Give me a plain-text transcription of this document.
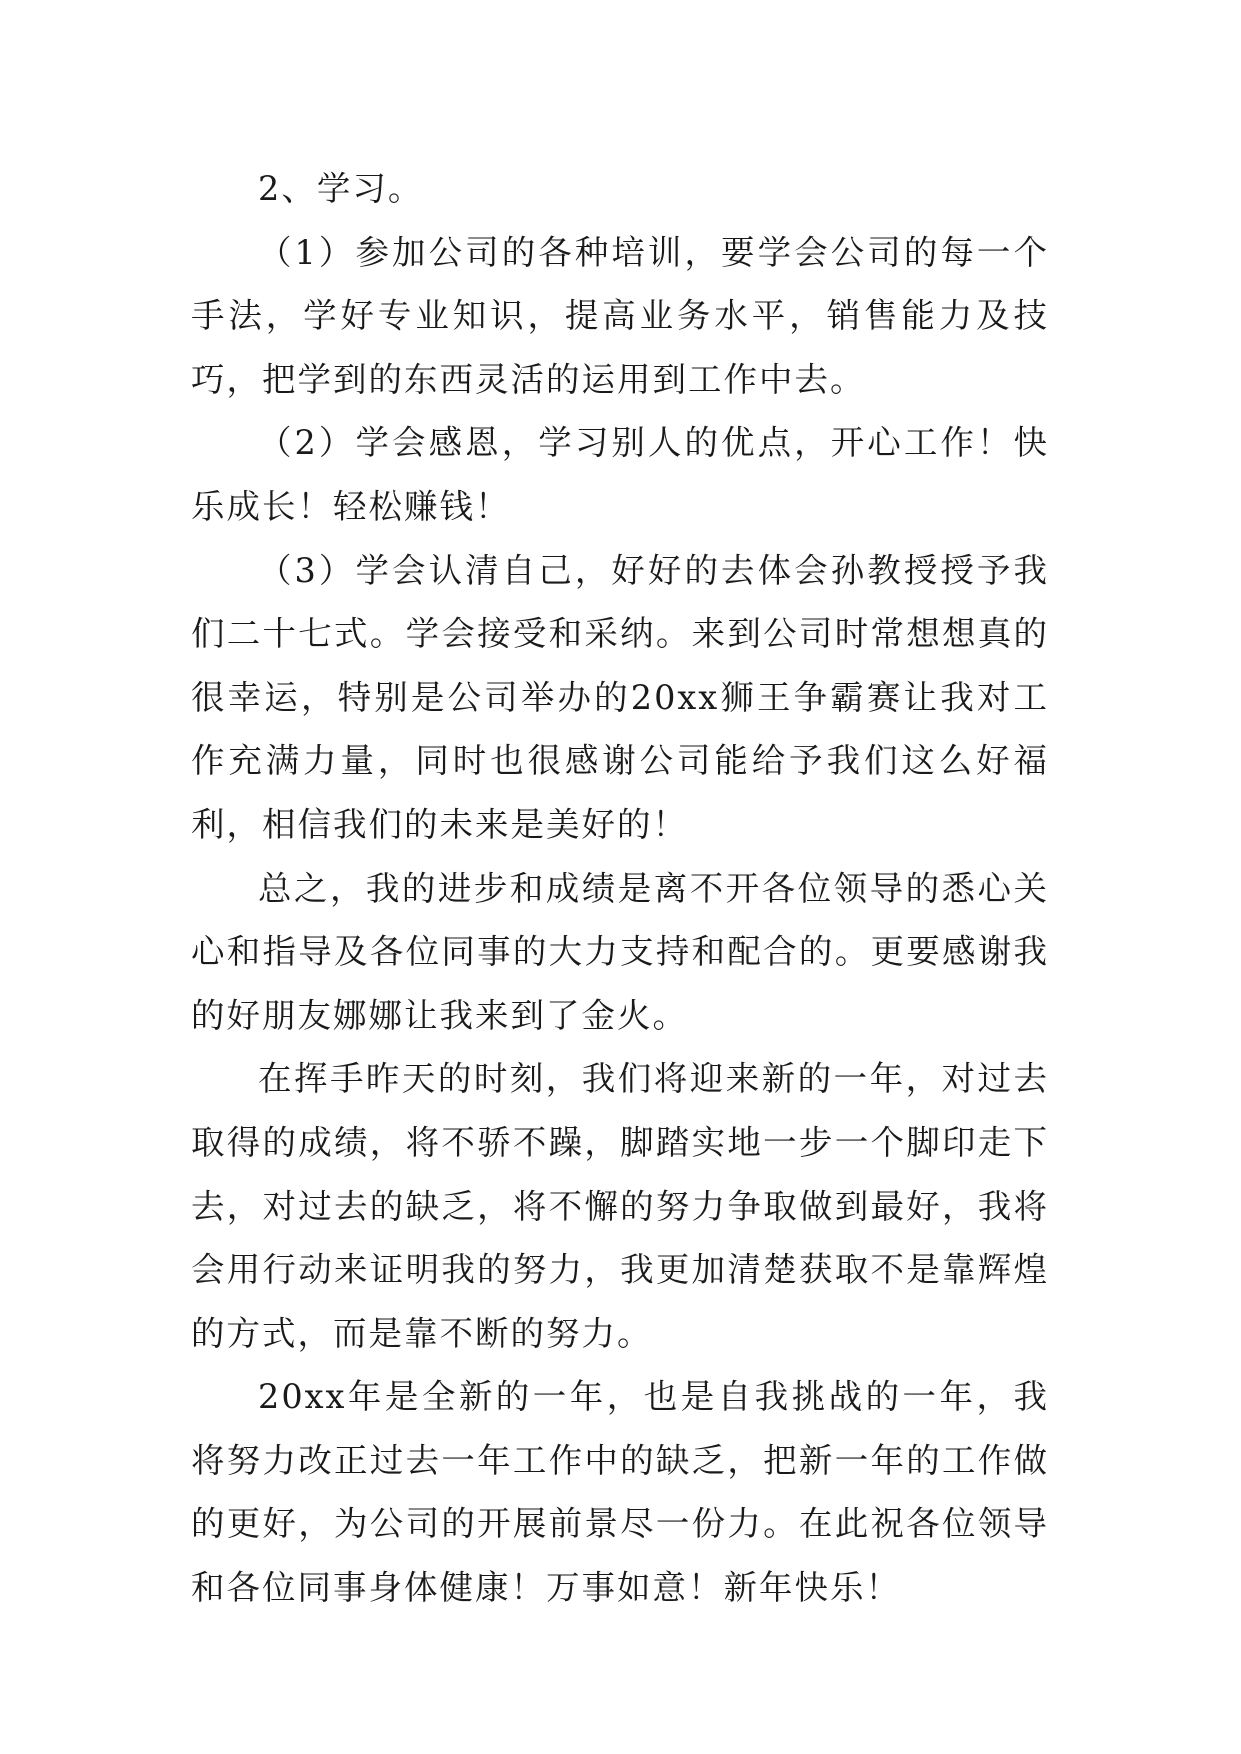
2、学习。

（1）参加公司的各种培训，要学会公司的每一个手法，学好专业知识，提高业务水平，销售能力及技巧，把学到的东西灵活的运用到工作中去。

（2）学会感恩，学习别人的优点，开心工作！快乐成长！轻松赚钱！

（3）学会认清自己，好好的去体会孙教授授予我们二十七式。学会接受和采纳。来到公司时常想想真的很幸运，特别是公司举办的20xx狮王争霸赛让我对工作充满力量，同时也很感谢公司能给予我们这么好福利，相信我们的未来是美好的！

总之，我的进步和成绩是离不开各位领导的悉心关心和指导及各位同事的大力支持和配合的。更要感谢我的好朋友娜娜让我来到了金火。

在挥手昨天的时刻，我们将迎来新的一年，对过去取得的成绩，将不骄不躁，脚踏实地一步一个脚印走下去，对过去的缺乏，将不懈的努力争取做到最好，我将会用行动来证明我的努力，我更加清楚获取不是靠辉煌的方式，而是靠不断的努力。

20xx年是全新的一年，也是自我挑战的一年，我将努力改正过去一年工作中的缺乏，把新一年的工作做的更好，为公司的开展前景尽一份力。在此祝各位领导和各位同事身体健康！万事如意！新年快乐！
